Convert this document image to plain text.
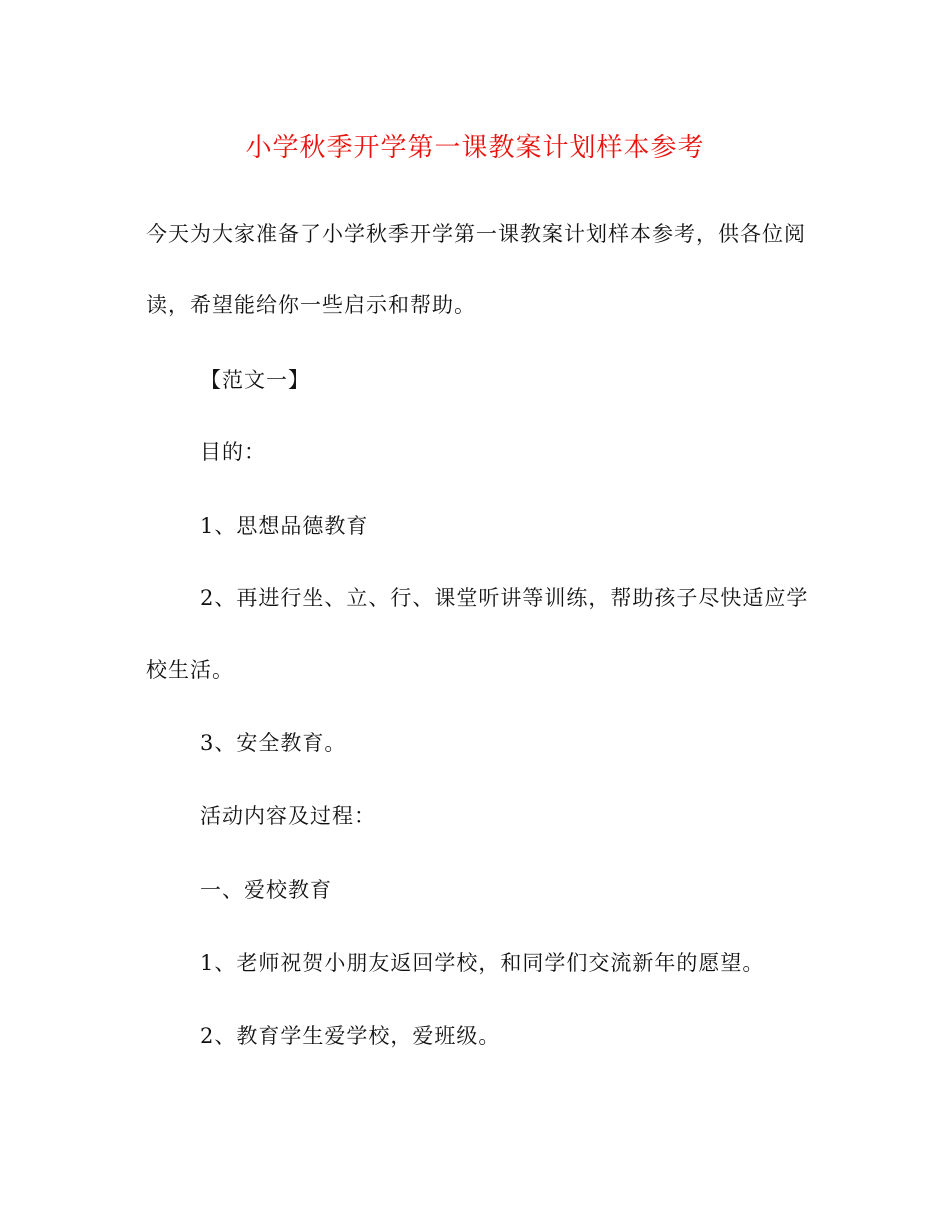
小学秋季开学第一课教案计划样本参考
今天为大家准备了小学秋季开学第一课教案计划样本参考，供各位阅
读，希望能给你一些启示和帮助。
【范文一】
目的：
1、思想品德教育
2、再进行坐、立、行、课堂听讲等训练，帮助孩子尽快适应学
校生活。
3、安全教育。
活动内容及过程：
一、爱校教育
1、老师祝贺小朋友返回学校，和同学们交流新年的愿望。
2、教育学生爱学校，爱班级。
